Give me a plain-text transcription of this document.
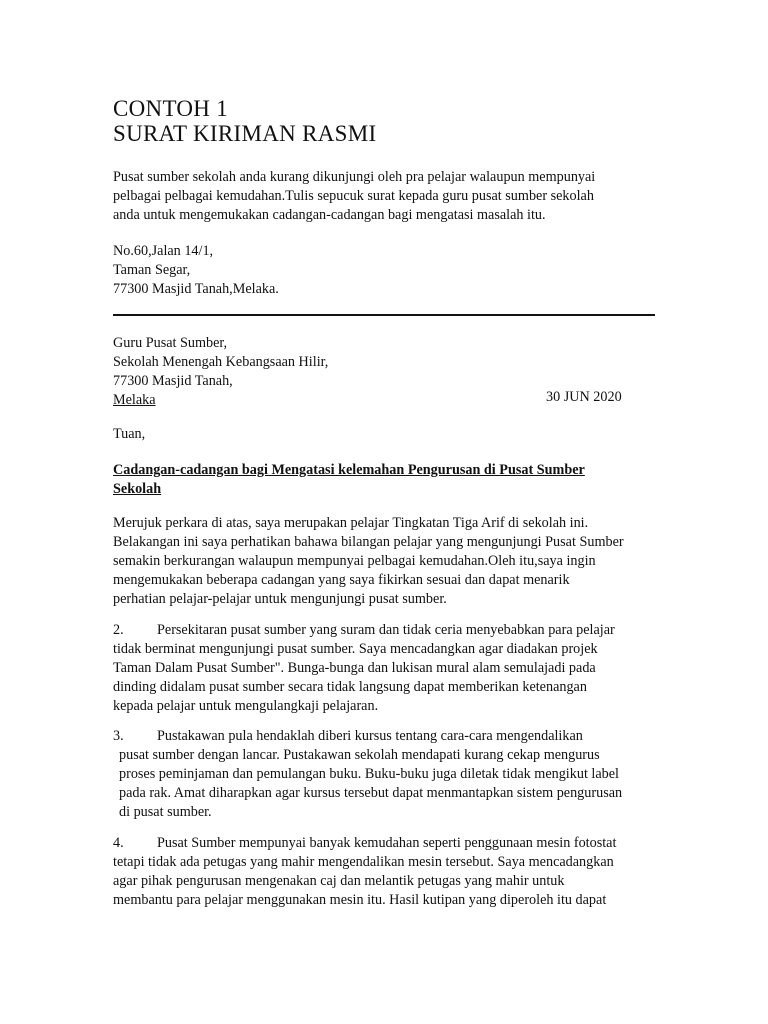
CONTOH 1
SURAT KIRIMAN RASMI
Pusat sumber sekolah anda kurang dikunjungi oleh pra pelajar walaupun mempunyai
pelbagai pelbagai kemudahan.Tulis sepucuk surat kepada guru pusat sumber sekolah
anda untuk mengemukakan cadangan-cadangan bagi mengatasi masalah itu.
No.60,Jalan 14/1,
Taman Segar,
77300 Masjid Tanah,Melaka.
Guru Pusat Sumber,
Sekolah Menengah Kebangsaan Hilir,
77300 Masjid Tanah,
Melaka	30 JUN 2020
Tuan,
Cadangan-cadangan bagi Mengatasi kelemahan Pengurusan di Pusat Sumber
Sekolah
Merujuk perkara di atas, saya merupakan pelajar Tingkatan Tiga Arif di sekolah ini.
Belakangan ini saya perhatikan bahawa bilangan pelajar yang mengunjungi Pusat Sumber
semakin berkurangan walaupun mempunyai pelbagai kemudahan.Oleh itu,saya ingin
mengemukakan beberapa cadangan yang saya fikirkan sesuai dan dapat menarik
perhatian pelajar-pelajar untuk mengunjungi pusat sumber.
2. Persekitaran pusat sumber yang suram dan tidak ceria menyebabkan para pelajar
tidak berminat mengunjungi pusat sumber. Saya mencadangkan agar diadakan projek
Taman Dalam Pusat Sumber". Bunga-bunga dan lukisan mural alam semulajadi pada
dinding didalam pusat sumber secara tidak langsung dapat memberikan ketenangan
kepada pelajar untuk mengulangkaji pelajaran.
3. Pustakawan pula hendaklah diberi kursus tentang cara-cara mengendalikan
pusat sumber dengan lancar. Pustakawan sekolah mendapati kurang cekap mengurus
proses peminjaman dan pemulangan buku. Buku-buku juga diletak tidak mengikut label
pada rak. Amat diharapkan agar kursus tersebut dapat menmantapkan sistem pengurusan
di pusat sumber.
4. Pusat Sumber mempunyai banyak kemudahan seperti penggunaan mesin fotostat
tetapi tidak ada petugas yang mahir mengendalikan mesin tersebut. Saya mencadangkan
agar pihak pengurusan mengenakan caj dan melantik petugas yang mahir untuk
membantu para pelajar menggunakan mesin itu. Hasil kutipan yang diperoleh itu dapat
